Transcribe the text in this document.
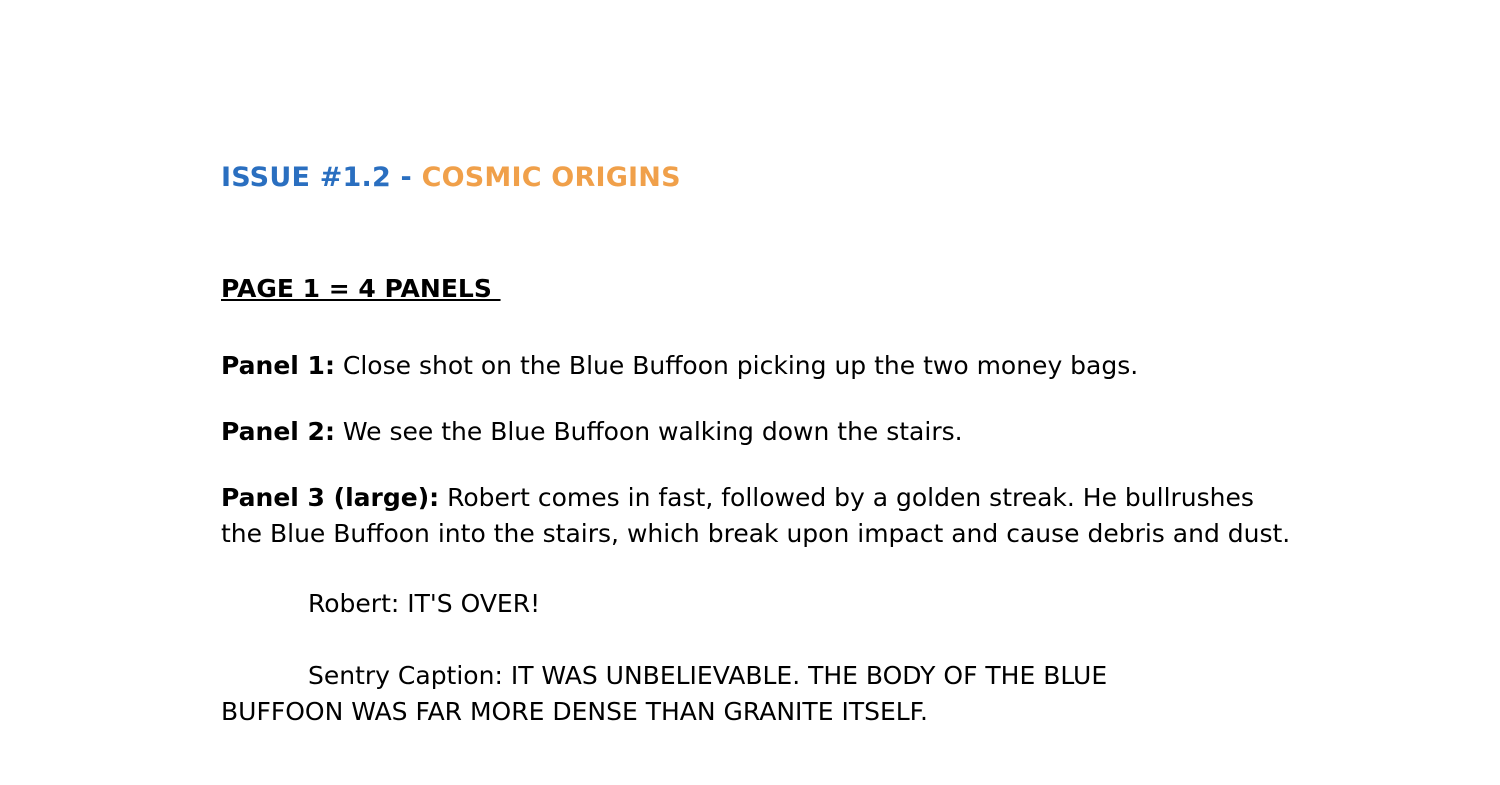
ISSUE #1.2 - COSMIC ORIGINS
PAGE 1 = 4 PANELS

Panel 1: Close shot on the Blue Buffoon picking up the two money bags.

Panel 2: We see the Blue Buffoon walking down the stairs.

Panel 3 (large): Robert comes in fast, followed by a golden streak. He bullrushes the Blue Buffoon into the stairs, which break upon impact and cause debris and dust.

Robert: IT'S OVER!

Sentry Caption: IT WAS UNBELIEVABLE. THE BODY OF THE BLUE

BUFFOON WAS FAR MORE DENSE THAN GRANITE ITSELF.
